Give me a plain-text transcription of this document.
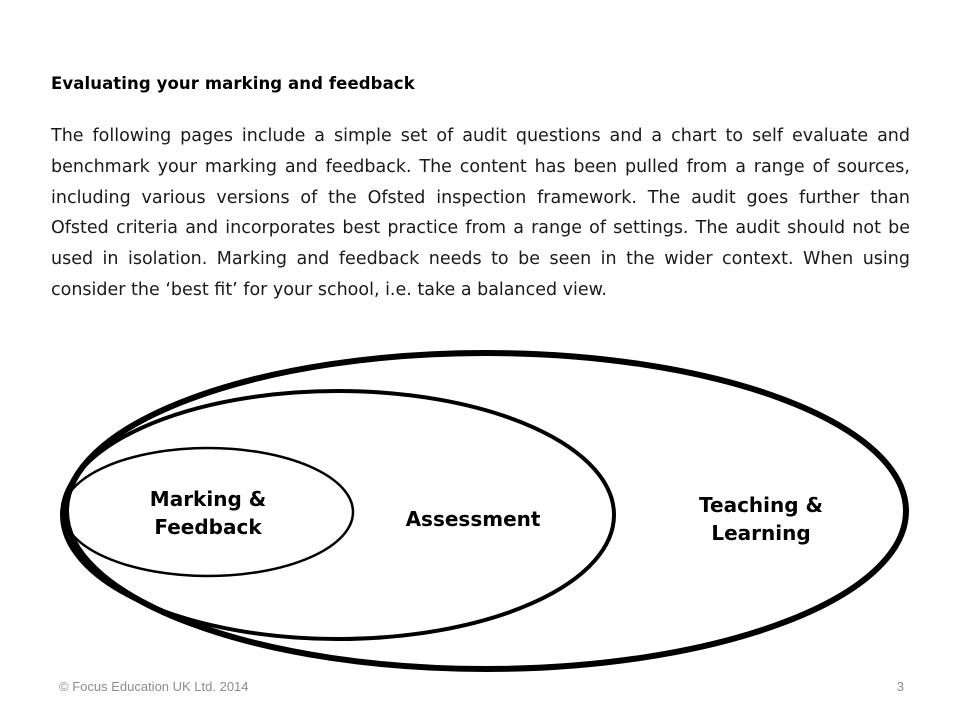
Evaluating your marking and feedback

The following pages include a simple set of audit questions and a chart to self evaluate and benchmark your marking and feedback. The content has been pulled from a range of sources, including various versions of the Ofsted inspection framework. The audit goes further than Ofsted criteria and incorporates best practice from a range of settings. The audit should not be used in isolation. Marking and feedback needs to be seen in the wider context. When using consider the ‘best fit’ for your school, i.e. take a balanced view.

Marking &
Feedback	Assessment
Teaching &
Learning
© Focus Education UK Ltd. 2014	3
